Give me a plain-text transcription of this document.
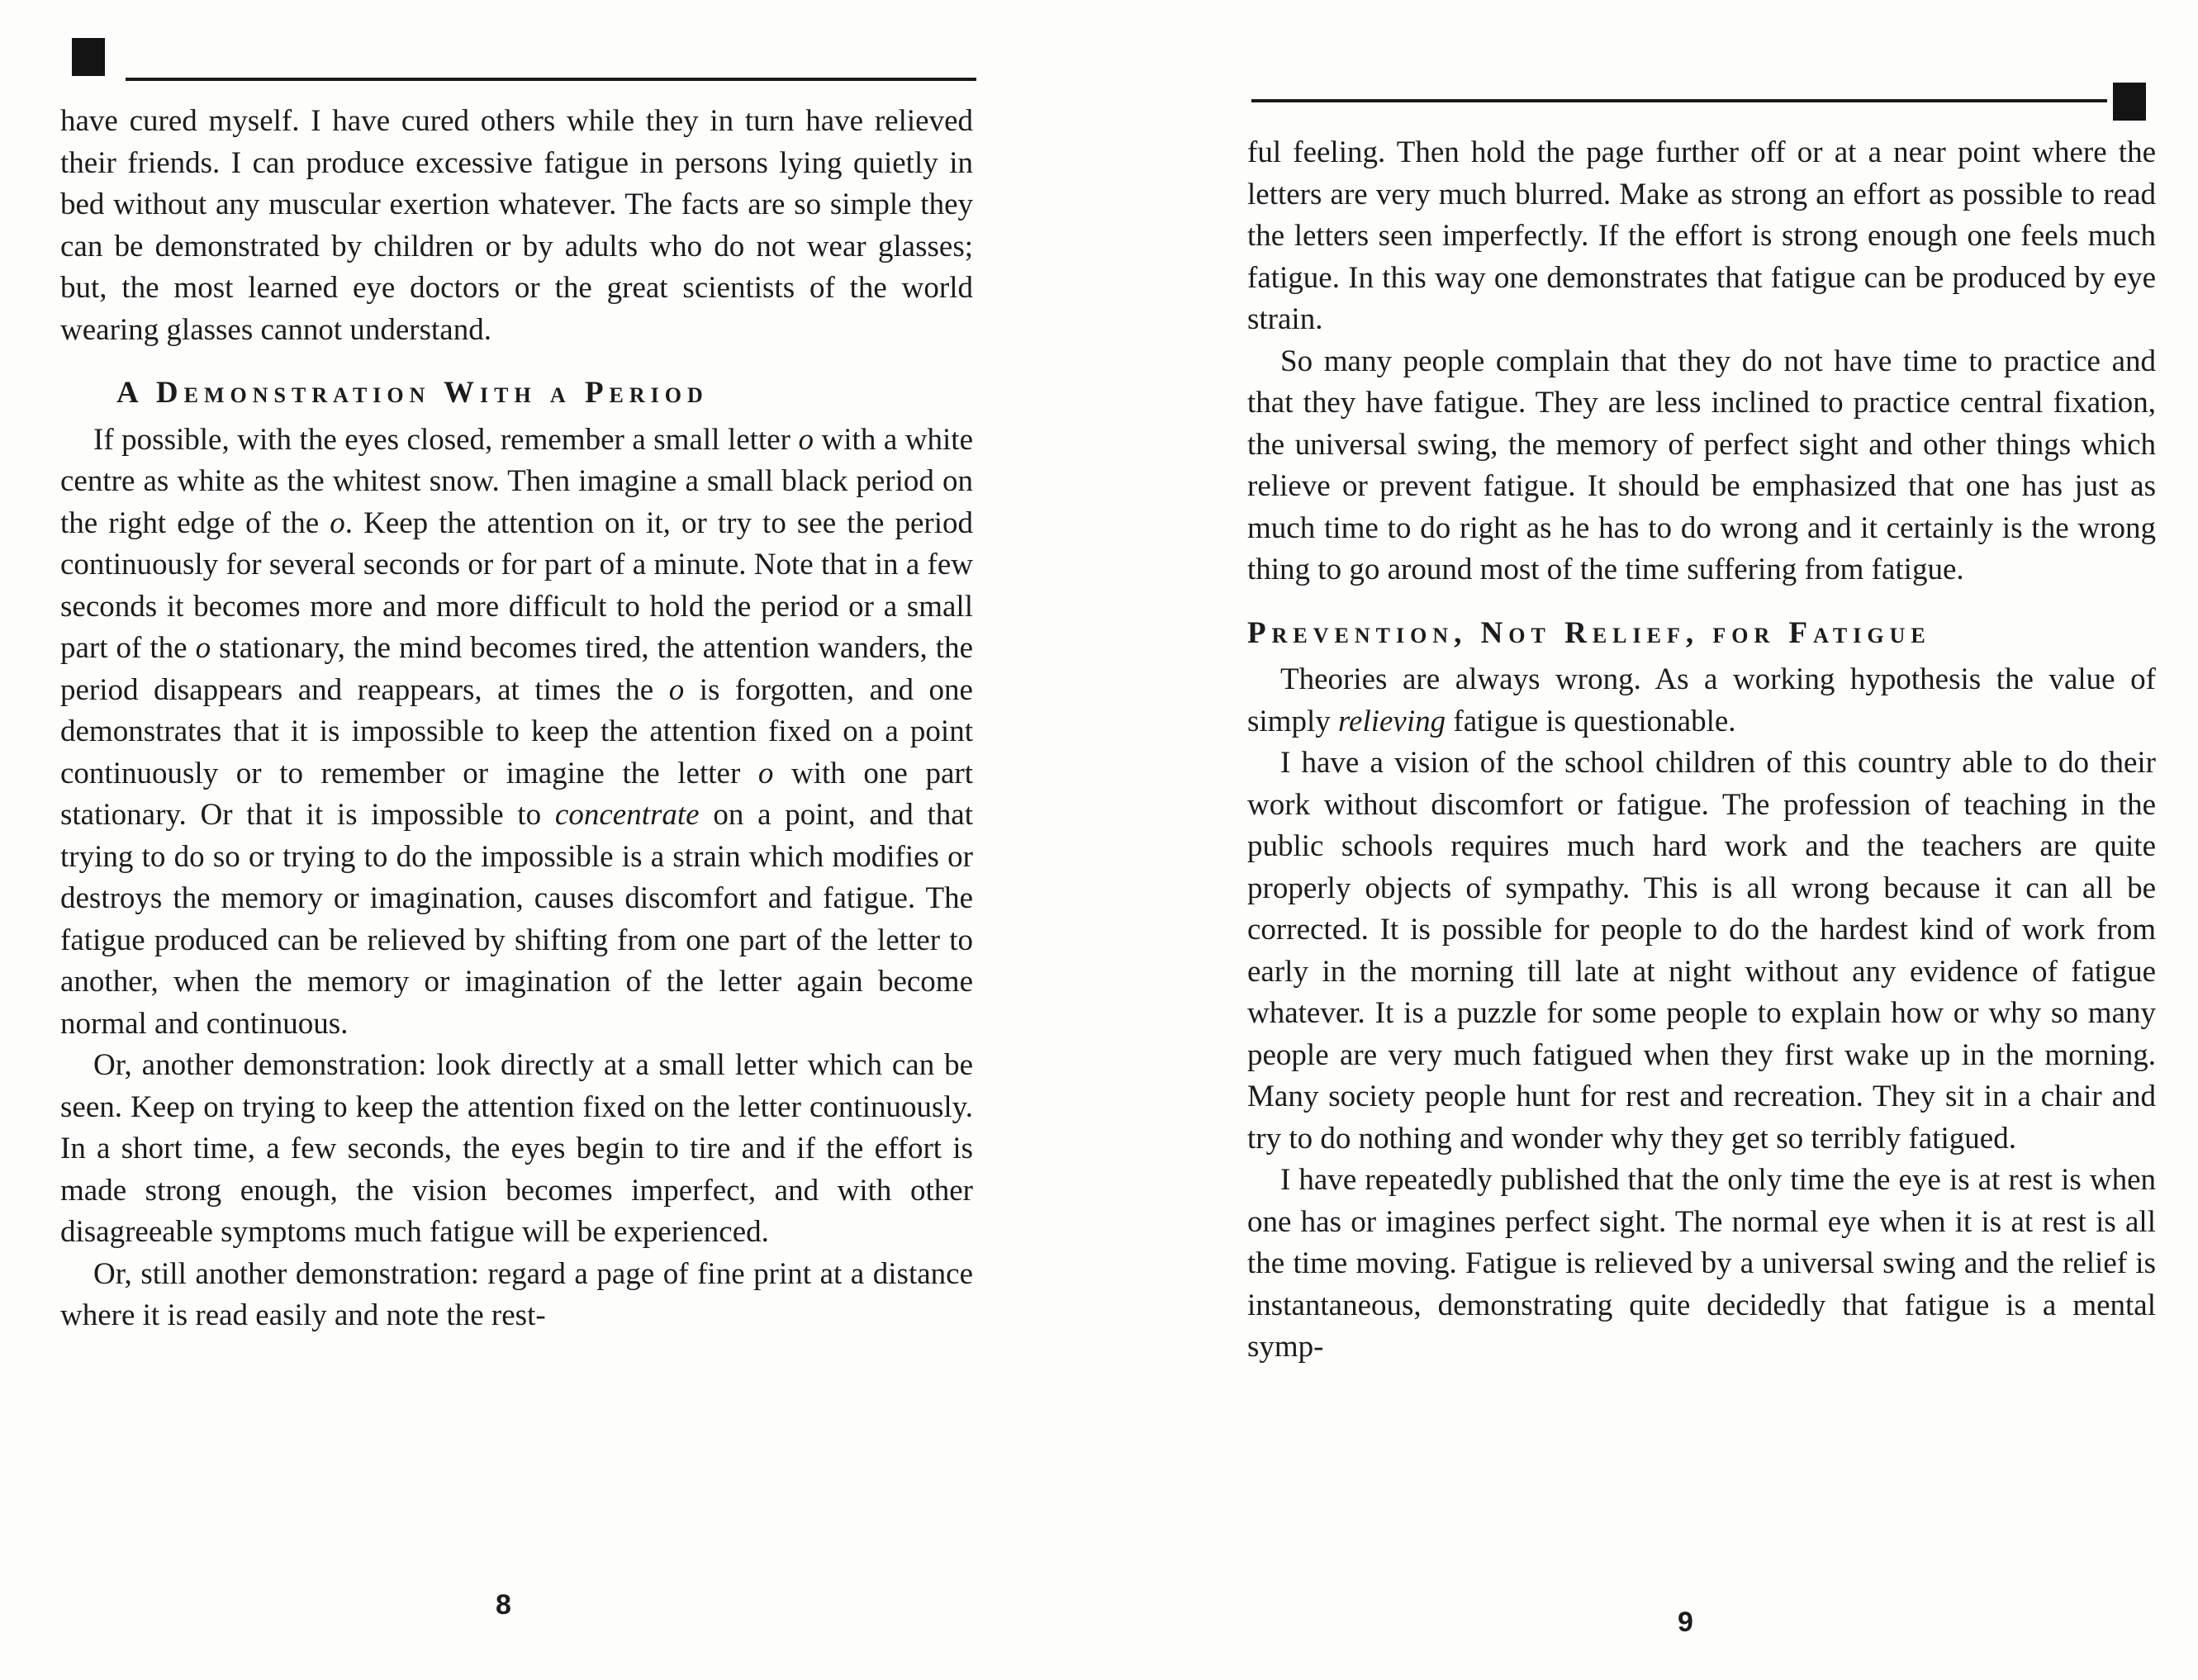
have cured myself. I have cured others while they in turn have relieved their friends. I can produce excessive fatigue in persons lying quietly in bed without any muscular exertion whatever. The facts are so simple they can be demonstrated by children or by adults who do not wear glasses; but, the most learned eye doctors or the great scientists of the world wearing glasses cannot understand.

A Demonstration With a Period

If possible, with the eyes closed, remember a small letter o with a white centre as white as the whitest snow. Then imagine a small black period on the right edge of the o. Keep the attention on it, or try to see the period continuously for several seconds or for part of a minute. Note that in a few seconds it becomes more and more difficult to hold the period or a small part of the o stationary, the mind becomes tired, the attention wanders, the period disappears and reappears, at times the o is forgotten, and one demonstrates that it is impossible to keep the attention fixed on a point continuously or to remember or imagine the letter o with one part stationary. Or that it is impossible to concentrate on a point, and that trying to do so or trying to do the impossible is a strain which modifies or destroys the memory or imagination, causes discomfort and fatigue. The fatigue produced can be relieved by shifting from one part of the letter to another, when the memory or imagination of the letter again become normal and continuous.

Or, another demonstration: look directly at a small letter which can be seen. Keep on trying to keep the attention fixed on the letter continuously. In a short time, a few seconds, the eyes begin to tire and if the effort is made strong enough, the vision becomes imperfect, and with other disagreeable symptoms much fatigue will be experienced.

Or, still another demonstration: regard a page of fine print at a distance where it is read easily and note the rest-

8

ful feeling. Then hold the page further off or at a near point where the letters are very much blurred. Make as strong an effort as possible to read the letters seen imperfectly. If the effort is strong enough one feels much fatigue. In this way one demonstrates that fatigue can be produced by eye strain.

So many people complain that they do not have time to practice and that they have fatigue. They are less inclined to practice central fixation, the universal swing, the memory of perfect sight and other things which relieve or prevent fatigue. It should be emphasized that one has just as much time to do right as he has to do wrong and it certainly is the wrong thing to go around most of the time suffering from fatigue.

Prevention, Not Relief, for Fatigue

Theories are always wrong. As a working hypothesis the value of simply relieving fatigue is questionable.

I have a vision of the school children of this country able to do their work without discomfort or fatigue. The profession of teaching in the public schools requires much hard work and the teachers are quite properly objects of sympathy. This is all wrong because it can all be corrected. It is possible for people to do the hardest kind of work from early in the morning till late at night without any evidence of fatigue whatever. It is a puzzle for some people to explain how or why so many people are very much fatigued when they first wake up in the morning. Many society people hunt for rest and recreation. They sit in a chair and try to do nothing and wonder why they get so terribly fatigued.

I have repeatedly published that the only time the eye is at rest is when one has or imagines perfect sight. The normal eye when it is at rest is all the time moving. Fatigue is relieved by a universal swing and the relief is instantaneous, demonstrating quite decidedly that fatigue is a mental symp-

9
